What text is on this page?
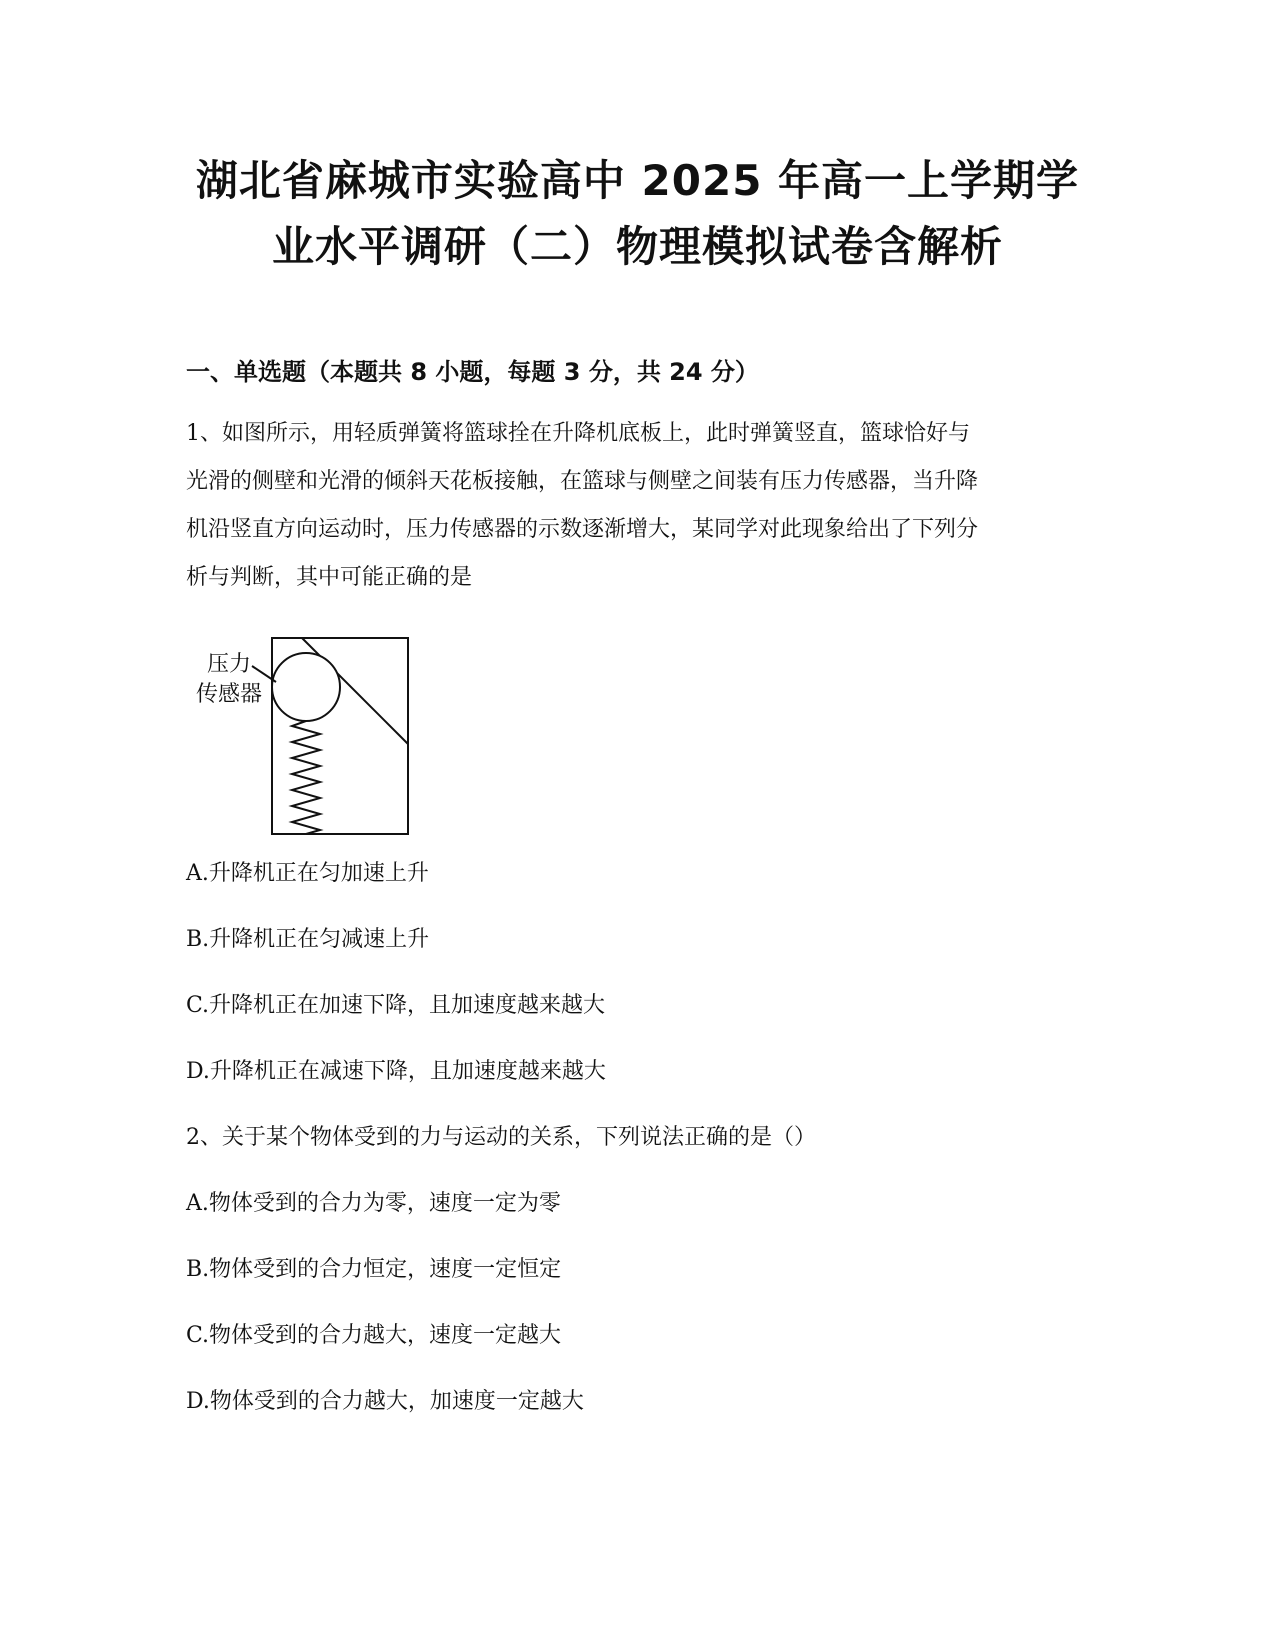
湖北省麻城市实验高中 2025 年高一上学期学
业水平调研（二）物理模拟试卷含解析
一、单选题（本题共 8 小题，每题 3 分，共 24 分）
1、如图所示，用轻质弹簧将篮球拴在升降机底板上，此时弹簧竖直，篮球恰好与
光滑的侧壁和光滑的倾斜天花板接触，在篮球与侧壁之间装有压力传感器，当升降
机沿竖直方向运动时，压力传感器的示数逐渐增大，某同学对此现象给出了下列分
析与判断，其中可能正确的是
压力
传感器
A.升降机正在匀加速上升
B.升降机正在匀减速上升
C.升降机正在加速下降，且加速度越来越大
D.升降机正在减速下降，且加速度越来越大
2、关于某个物体受到的力与运动的关系，下列说法正确的是（）
A.物体受到的合力为零，速度一定为零
B.物体受到的合力恒定，速度一定恒定
C.物体受到的合力越大，速度一定越大
D.物体受到的合力越大，加速度一定越大
